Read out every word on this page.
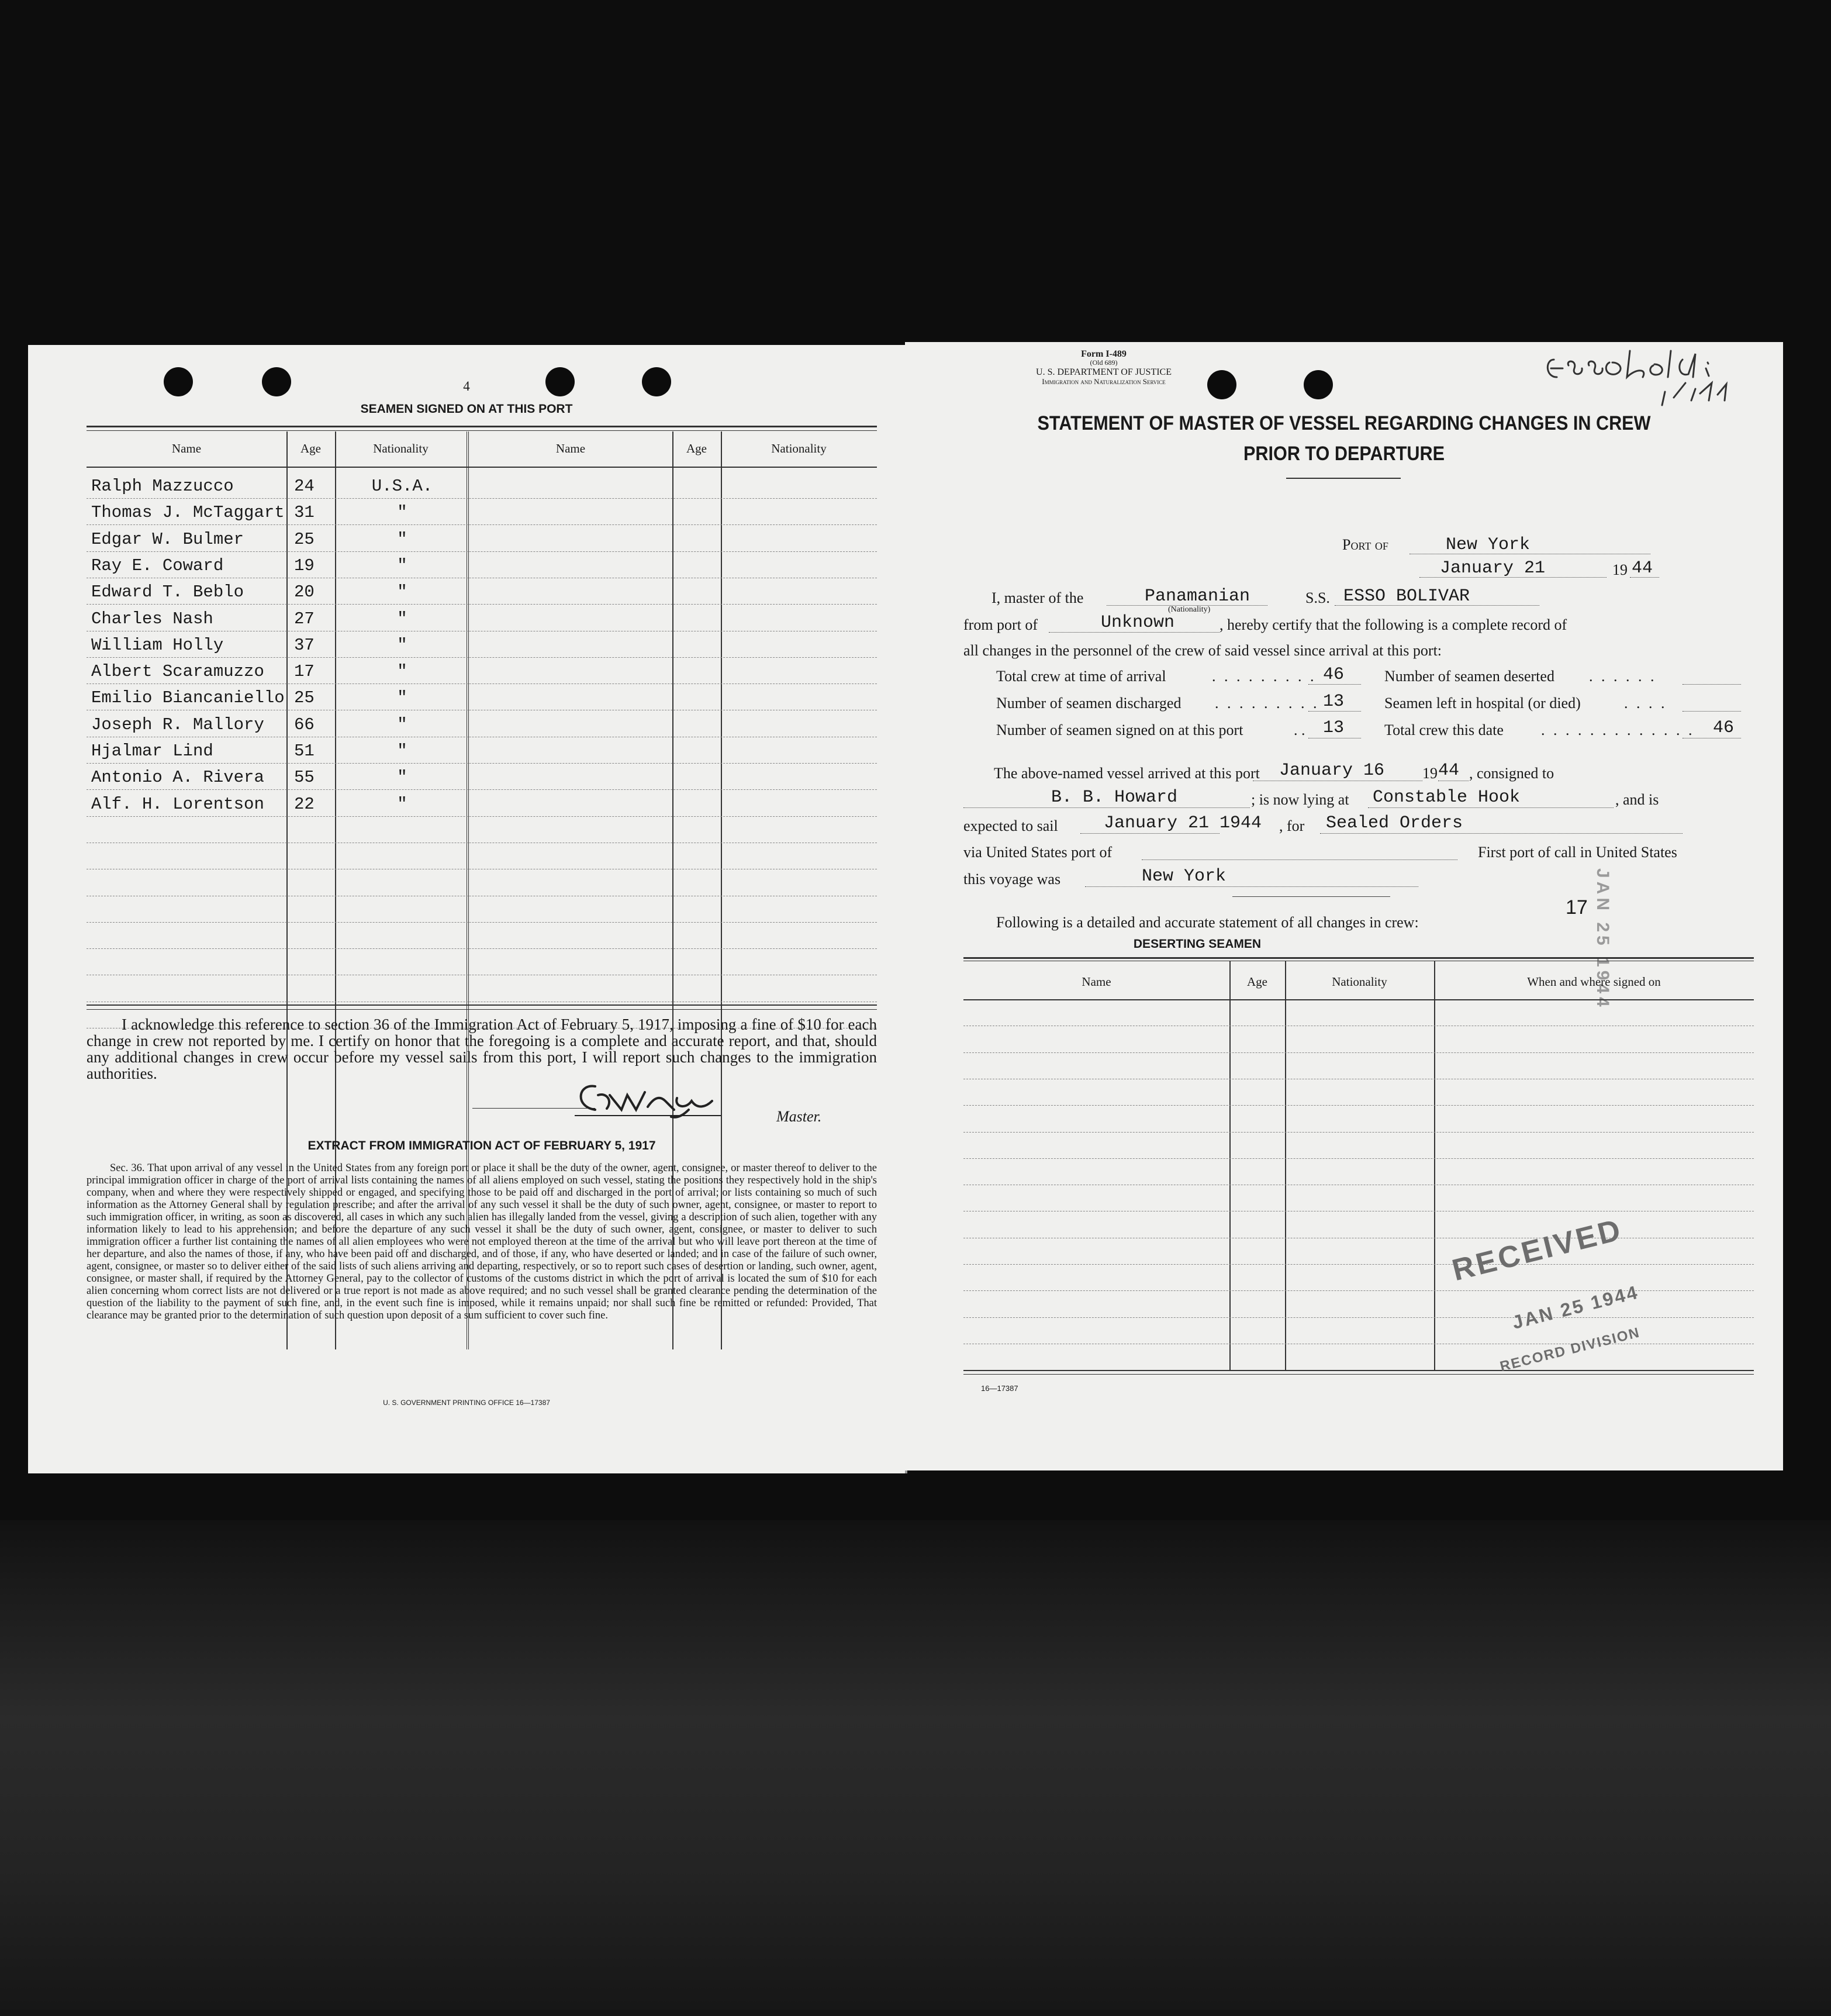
4
SEAMEN SIGNED ON AT THIS PORT
Name	Age	Nationality	Name	Age	Nationality
Ralph Mazzucco	24	U.S.A.
Thomas J. McTaggart 31	"
Edgar W. Bulmer	25	"
Ray E. Coward	19	"
Edward T. Beblo	20	"
Charles Nash	27	"
William Holly	37	"
Albert Scaramuzzo 17	"
Emilio Biancaniello 25	"
Joseph R. Mallory 66	"
Hjalmar Lind	51	"
Antonio A. Rivera 55	"
Alf. H. Lorentson 22	"
I acknowledge this reference to section 36 of the Immigration Act of February 5, 1917, imposing a fine of $10 for each change in crew not reported by me. I certify on honor that the foregoing is a complete and accurate report, and that, should any additional changes in crew occur before my vessel sails from this port, I will report such changes to the immigration authorities.
Master.
EXTRACT FROM IMMIGRATION ACT OF FEBRUARY 5, 1917
Sec. 36. That upon arrival of any vessel in the United States from any foreign port or place it shall be the duty of the owner, agent, consignee, or master thereof to deliver to the principal immigration officer in charge of the port of arrival lists containing the names of all aliens employed on such vessel, stating the positions they respectively hold in the ship's company, when and where they were respectively shipped or engaged, and specifying those to be paid off and discharged in the port of arrival; or lists containing so much of such information as the Attorney General shall by regulation prescribe; and after the arrival of any such vessel it shall be the duty of such owner, agent, consignee, or master to report to such immigration officer, in writing, as soon as discovered, all cases in which any such alien has illegally landed from the vessel, giving a description of such alien, together with any information likely to lead to his apprehension; and before the departure of any such vessel it shall be the duty of such owner, agent, consignee, or master to deliver to such immigration officer a further list containing the names of all alien employees who were not employed thereon at the time of the arrival but who will leave port thereon at the time of her departure, and also the names of those, if any, who have been paid off and discharged, and of those, if any, who have deserted or landed; and in case of the failure of such owner, agent, consignee, or master so to deliver either of the said lists of such aliens arriving and departing, respectively, or so to report such cases of desertion or landing, such owner, agent, consignee, or master shall, if required by the Attorney General, pay to the collector of customs of the customs district in which the port of arrival is located the sum of $10 for each alien concerning whom correct lists are not delivered or a true report is not made as above required; and no such vessel shall be granted clearance pending the determination of the question of the liability to the payment of such fine, and, in the event such fine is imposed, while it remains unpaid; nor shall such fine be remitted or refunded: Provided, That clearance may be granted prior to the determination of such question upon deposit of a sum sufficient to cover such fine.
U. S. GOVERNMENT PRINTING OFFICE 16—17387
Form I-489
(Old 689)
U. S. DEPARTMENT OF JUSTICE
Immigration and Naturalization Service
STATEMENT OF MASTER OF VESSEL REGARDING CHANGES IN CREW
PRIOR TO DEPARTURE
Port of	New York
January 21	19 44
I, master of the	Panamanian
(Nationality)
S.S. ESSO BOLIVAR
from port of	Unknown	, hereby certify that the following is a complete record of
all changes in the personnel of the crew of said vessel since arrival at this port:
Total crew at time of arrival	. . . . . . . . . 46
Number of seamen discharged . . . . . . . . . 13
Number of seamen signed on at this port	. . 13
Number of seamen deserted . . . . . .
Seamen left in hospital (or died)	. . . .
Total crew this date . . . . . . . . . . . . . 46
The above-named vessel arrived at this port January 16 19 44 , consigned to
B. B. Howard	; is now lying at Constable Hook	, and is
expected to sail	January 21 1944 , for Sealed Orders
via United States port of	First port of call in United States
this voyage was	New York
Following is a detailed and accurate statement of all changes in crew:
17 JAN 25 1944
DESERTING SEAMEN
Name	Age	Nationality	When and where signed on
RECEIVED
JAN 25 1944
RECORD DIVISION
16—17387
